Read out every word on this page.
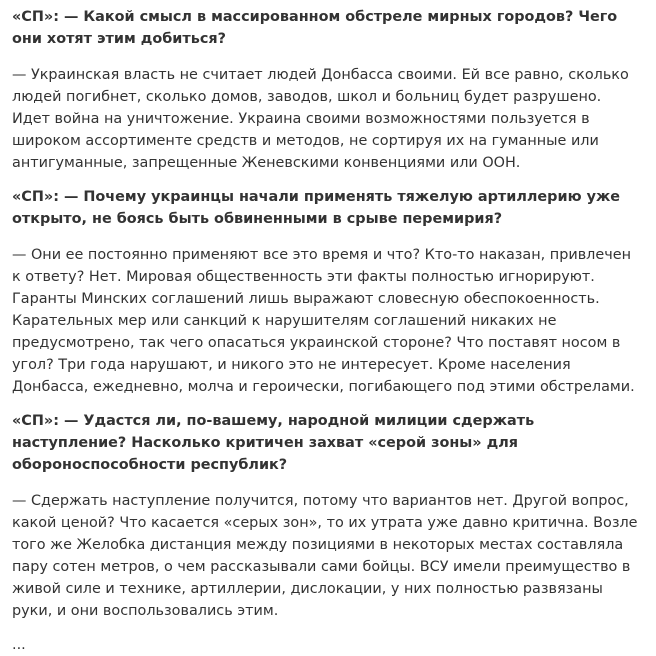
«СП»: — Какой смысл в массированном обстреле мирных городов? Чего они хотят этим добиться?

— Украинская власть не считает людей Донбасса своими. Ей все равно, сколько людей погибнет, сколько домов, заводов, школ и больниц будет разрушено. Идет война на уничтожение. Украина своими возможностями пользуется в широком ассортименте средств и методов, не сортируя их на гуманные или антигуманные, запрещенные Женевскими конвенциями или ООН.

«СП»: — Почему украинцы начали применять тяжелую артиллерию уже открыто, не боясь быть обвиненными в срыве перемирия?

— Они ее постоянно применяют все это время и что? Кто-то наказан, привлечен к ответу? Нет. Мировая общественность эти факты полностью игнорируют. Гаранты Минских соглашений лишь выражают словесную обеспокоенность. Карательных мер или санкций к нарушителям соглашений никаких не предусмотрено, так чего опасаться украинской стороне? Что поставят носом в угол? Три года нарушают, и никого это не интересует. Кроме населения Донбасса, ежедневно, молча и героически, погибающего под этими обстрелами.

«СП»: — Удастся ли, по-вашему, народной милиции сдержать наступление? Насколько критичен захват «серой зоны» для обороноспособности республик?

— Сдержать наступление получится, потому что вариантов нет. Другой вопрос, какой ценой? Что касается «серых зон», то их утрата уже давно критична. Возле того же Желобка дистанция между позициями в некоторых местах составляла пару сотен метров, о чем рассказывали сами бойцы. ВСУ имели преимущество в живой силе и технике, артиллерии, дислокации, у них полностью развязаны руки, и они воспользовались этим.

...
